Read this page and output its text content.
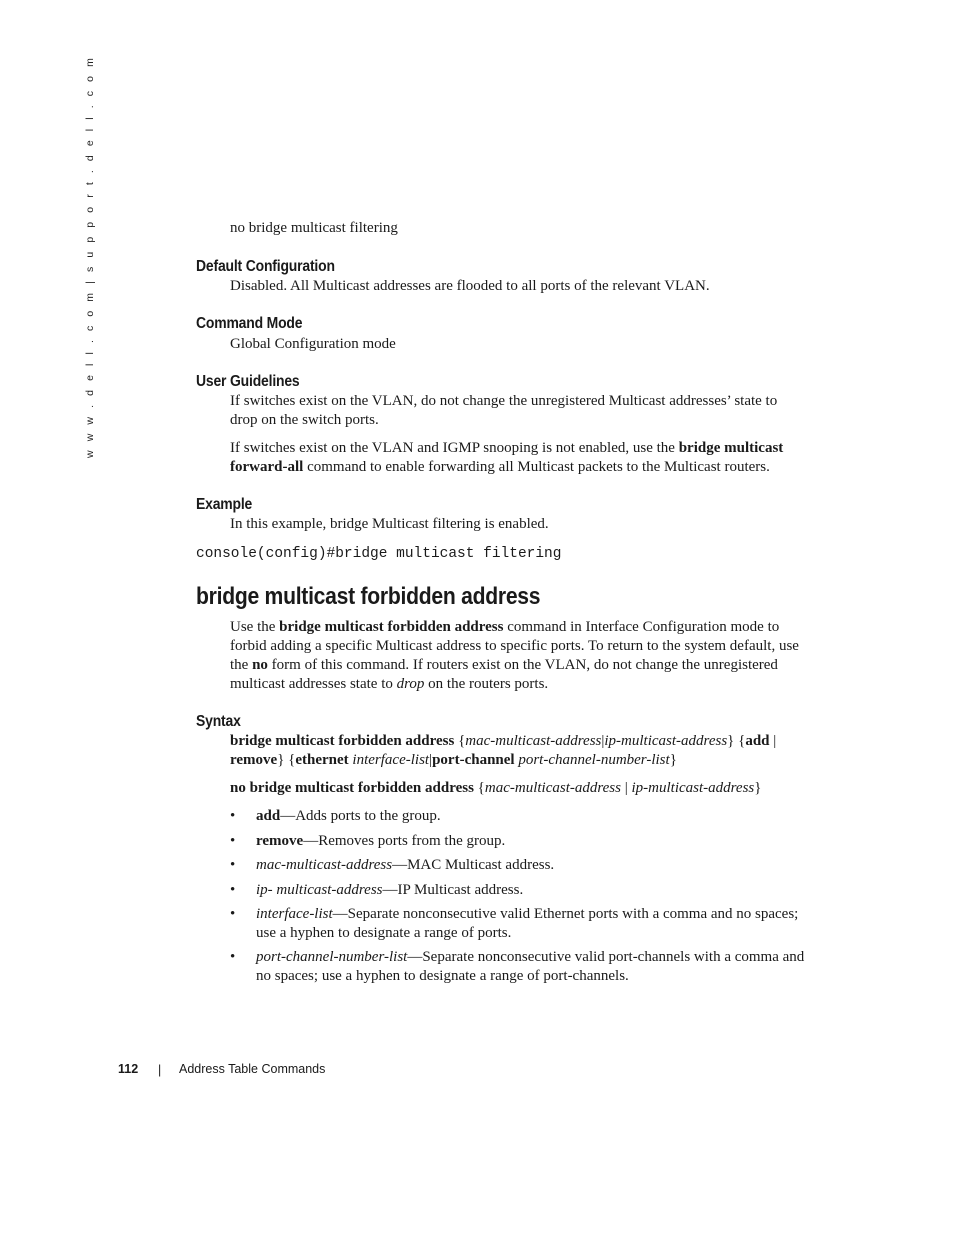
w w w . d e l l . c o m | s u p p o r t . d e l l . c o m	no bridge multicast filtering

Default Configuration

Disabled. All Multicast addresses are flooded to all ports of the relevant VLAN.

Command Mode

Global Configuration mode

User Guidelines

If switches exist on the VLAN, do not change the unregistered Multicast addresses’ state to drop on the switch ports.

If switches exist on the VLAN and IGMP snooping is not enabled, use the bridge multicast forward-all command to enable forwarding all Multicast packets to the Multicast routers.

Example

In this example, bridge Multicast filtering is enabled.

console(config)#bridge multicast filtering
bridge multicast forbidden address

Use the bridge multicast forbidden address command in Interface Configuration mode to forbid adding a specific Multicast address to specific ports. To return to the system default, use the no form of this command. If routers exist on the VLAN, do not change the unregistered multicast addresses state to drop on the routers ports.

Syntax

bridge multicast forbidden address {mac-multicast-address|ip-multicast-address} {add | remove} {ethernet interface-list|port-channel port-channel-number-list}

no bridge multicast forbidden address {mac-multicast-address | ip-multicast-address}

• add—Adds ports to the group.
• remove—Removes ports from the group.
• mac-multicast-address—MAC Multicast address.
• ip- multicast-address—IP Multicast address.
• interface-list—Separate nonconsecutive valid Ethernet ports with a comma and no spaces; use a hyphen to designate a range of ports.
• port-channel-number-list—Separate nonconsecutive valid port-channels with a comma and no spaces; use a hyphen to designate a range of port-channels.
112 | Address Table Commands
